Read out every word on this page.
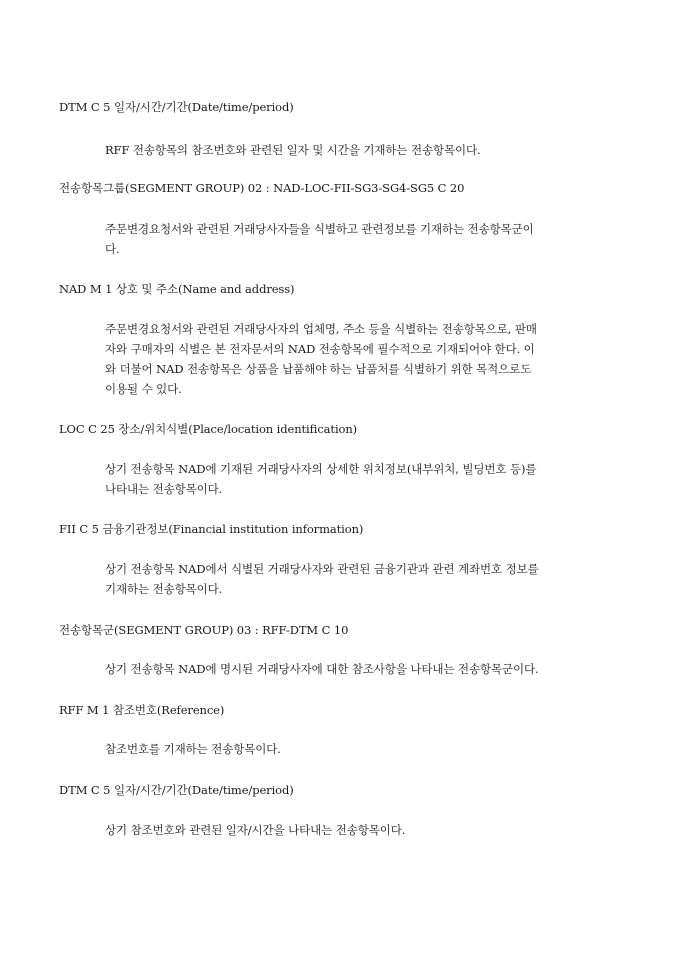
DTM C 5 일자/시간/기간(Date/time/period)
RFF 전송항목의 참조번호와 관련된 일자 및 시간을 기재하는 전송항목이다.
전송항목그룹(SEGMENT GROUP) 02 : NAD-LOC-FII-SG3-SG4-SG5 C 20
주문변경요청서와 관련된 거래당사자들을 식별하고 관련정보를 기재하는 전송항목군이
다.
NAD M 1 상호 및 주소(Name and address)
주문변경요청서와 관련된 거래당사자의 업체명, 주소 등을 식별하는 전송항목으로, 판매
자와 구매자의 식별은 본 전자문서의 NAD 전송항목에 필수적으로 기재되어야 한다. 이
와 더불어 NAD 전송항목은 상품을 납품해야 하는 납품처를 식별하기 위한 목적으로도
이용될 수 있다.
LOC C 25 장소/위치식별(Place/location identification)
상기 전송항목 NAD에 기재된 거래당사자의 상세한 위치정보(내부위치, 빌딩번호 등)를
나타내는 전송항목이다.
FII C 5 금융기관정보(Financial institution information)
상기 전송항목 NAD에서 식별된 거래당사자와 관련된 금융기관과 관련 계좌번호 정보를
기재하는 전송항목이다.
전송항목군(SEGMENT GROUP) 03 : RFF-DTM C 10
상기 전송항목 NAD에 명시된 거래당사자에 대한 참조사항을 나타내는 전송항목군이다.
RFF M 1 참조번호(Reference)
참조번호를 기재하는 전송항목이다.
DTM C 5 일자/시간/기간(Date/time/period)
상기 참조번호와 관련된 일자/시간을 나타내는 전송항목이다.
